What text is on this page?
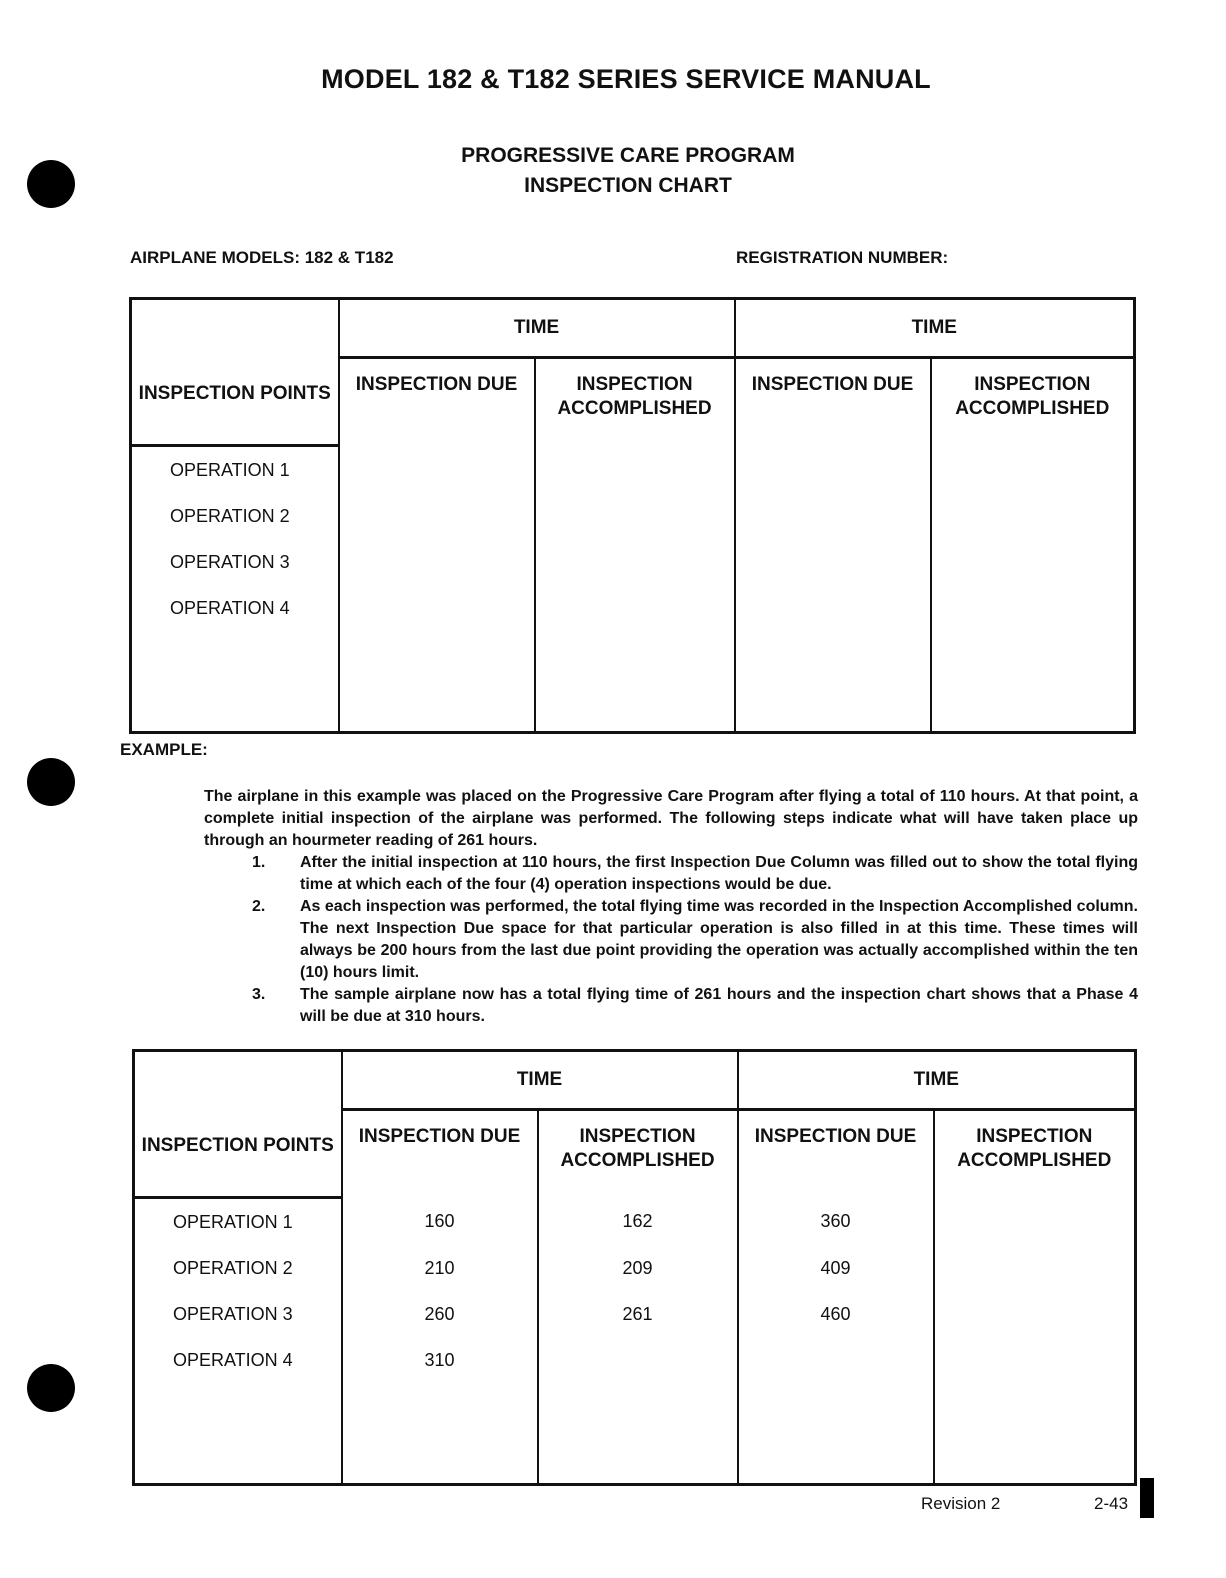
MODEL 182 & T182 SERIES SERVICE MANUAL
PROGRESSIVE CARE PROGRAM
INSPECTION CHART
AIRPLANE MODELS: 182 & T182	REGISTRATION NUMBER:
INSPECTION POINTS	TIME		TIME	
	INSPECTION DUE	INSPECTION ACCOMPLISHED	INSPECTION DUE	INSPECTION ACCOMPLISHED
OPERATION 1				
OPERATION 2				
OPERATION 3				
OPERATION 4				

EXAMPLE:
The airplane in this example was placed on the Progressive Care Program after flying a total of 110 hours. At that point, a complete initial inspection of the airplane was performed. The following steps indicate what will have taken place up through an hourmeter reading of 261 hours.
1. After the initial inspection at 110 hours, the first Inspection Due Column was filled out to show the total flying time at which each of the four (4) operation inspections would be due.
2. As each inspection was performed, the total flying time was recorded in the Inspection Accomplished column. The next Inspection Due space for that particular operation is also filled in at this time. These times will always be 200 hours from the last due point providing the operation was actually accomplished within the ten (10) hours limit.
3. The sample airplane now has a total flying time of 261 hours and the inspection chart shows that a Phase 4 will be due at 310 hours.
INSPECTION POINTS	TIME		TIME	
	INSPECTION DUE	INSPECTION ACCOMPLISHED	INSPECTION DUE	INSPECTION ACCOMPLISHED
OPERATION 1	160	162	360	
OPERATION 2	210	209	409	
OPERATION 3	260	261	460	
OPERATION 4	310			

Revision 2	2-43
